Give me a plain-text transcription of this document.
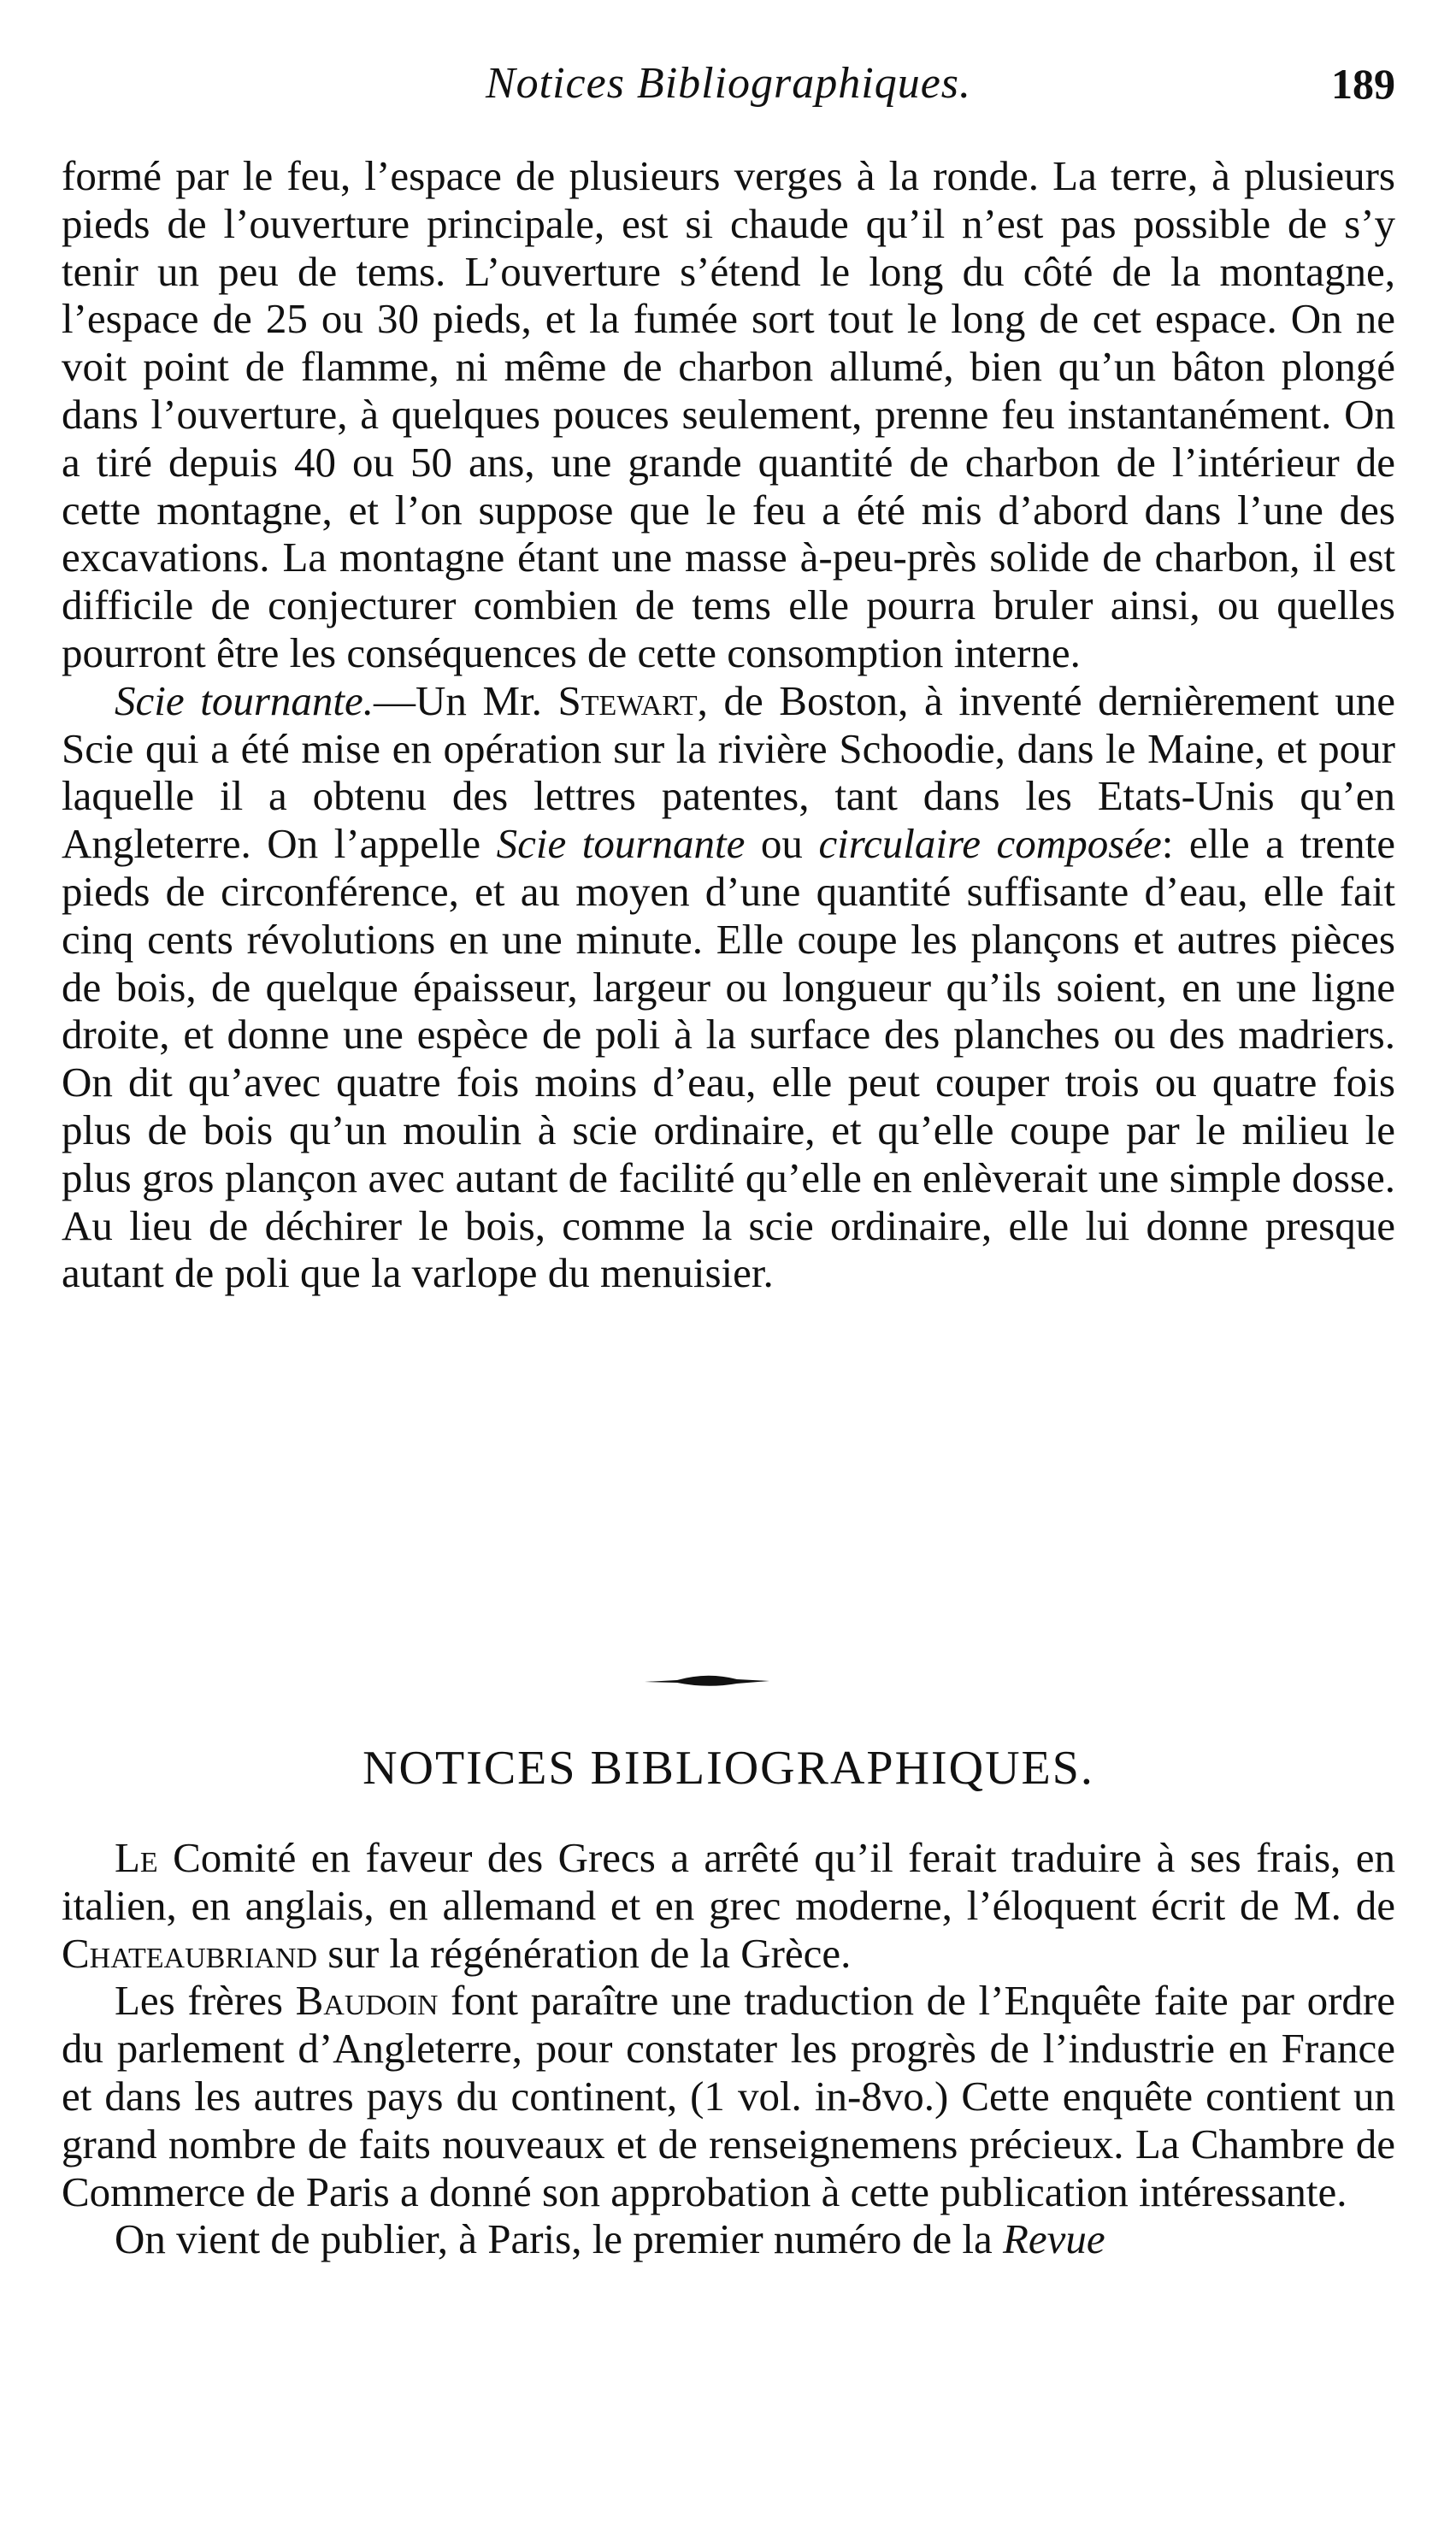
Notices Bibliographiques.	189

formé par le feu, l’espace de plusieurs verges à la ronde. La terre, à plusieurs pieds de l’ouverture principale, est si chaude qu’il n’est pas possible de s’y tenir un peu de tems. L’ouverture s’étend le long du côté de la montagne, l’espace de 25 ou 30 pieds, et la fumée sort tout le long de cet espace. On ne voit point de flamme, ni même de charbon allumé, bien qu’un bâton plongé dans l’ouverture, à quelques pouces seulement, prenne feu instantanément. On a tiré depuis 40 ou 50 ans, une grande quantité de charbon de l’intérieur de cette montagne, et l’on suppose que le feu a été mis d’abord dans l’une des excavations. La montagne étant une masse à-peu-près solide de charbon, il est difficile de conjecturer combien de tems elle pourra bruler ainsi, ou quelles pourront être les conséquences de cette consomption interne.

Scie tournante.—Un Mr. Stewart, de Boston, à inventé dernièrement une Scie qui a été mise en opération sur la rivière Schoodie, dans le Maine, et pour laquelle il a obtenu des lettres patentes, tant dans les Etats-Unis qu’en Angleterre. On l’appelle Scie tournante ou circulaire composée: elle a trente pieds de circonférence, et au moyen d’une quantité suffisante d’eau, elle fait cinq cents révolutions en une minute. Elle coupe les plançons et autres pièces de bois, de quelque épaisseur, largeur ou longueur qu’ils soient, en une ligne droite, et donne une espèce de poli à la surface des planches ou des madriers. On dit qu’avec quatre fois moins d’eau, elle peut couper trois ou quatre fois plus de bois qu’un moulin à scie ordinaire, et qu’elle coupe par le milieu le plus gros plançon avec autant de facilité qu’elle en enlèverait une simple dosse. Au lieu de déchirer le bois, comme la scie ordinaire, elle lui donne presque autant de poli que la varlope du menuisier.

NOTICES BIBLIOGRAPHIQUES.

Le Comité en faveur des Grecs a arrêté qu’il ferait traduire à ses frais, en italien, en anglais, en allemand et en grec moderne, l’éloquent écrit de M. de Chateaubriand sur la régénération de la Grèce.

Les frères Baudoin font paraître une traduction de l’Enquête faite par ordre du parlement d’Angleterre, pour constater les progrès de l’industrie en France et dans les autres pays du continent, (1 vol. in-8vo.) Cette enquête contient un grand nombre de faits nouveaux et de renseignemens précieux. La Chambre de Commerce de Paris a donné son approbation à cette publication intéressante.

On vient de publier, à Paris, le premier numéro de la Revue
